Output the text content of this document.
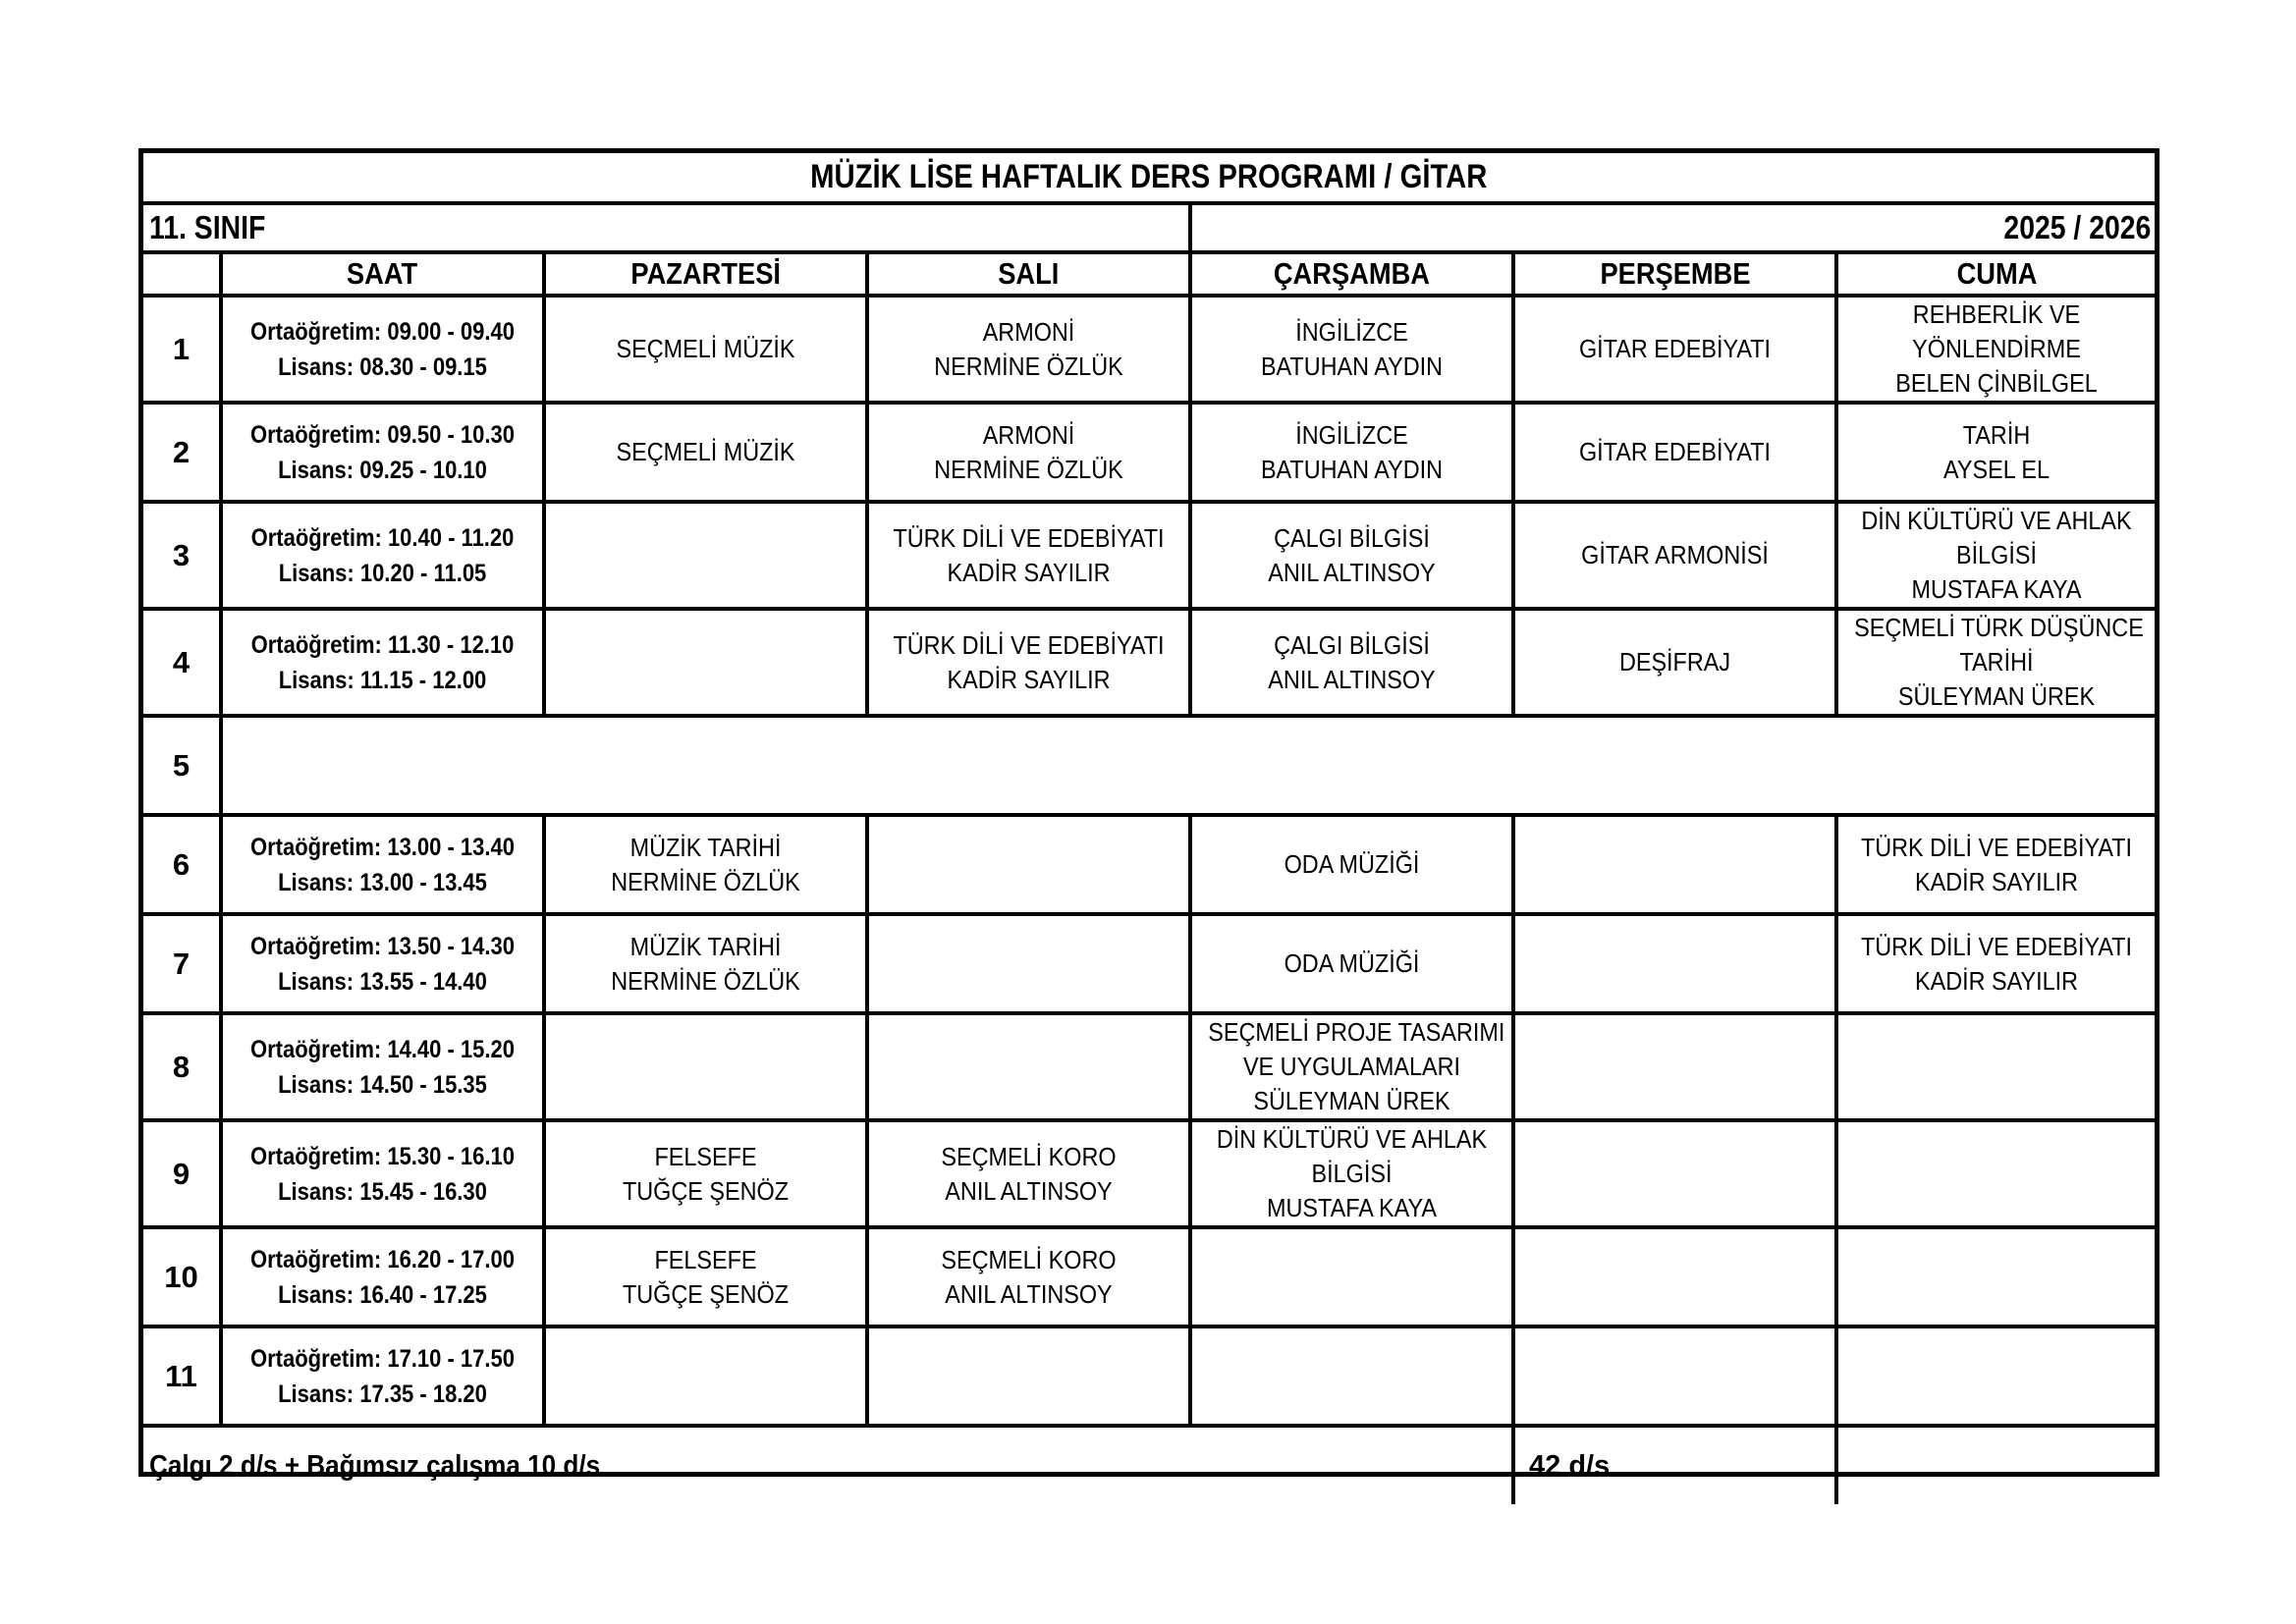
MÜZİK LİSE HAFTALIK DERS PROGRAMI / GİTAR						
11. SINIF				2025 / 2026		
	SAAT	PAZARTESİ	SALI	ÇARŞAMBA	PERŞEMBE	CUMA
1	Ortaöğretim: 09.00 - 09.40
Lisans: 08.30 - 09.15	SEÇMELİ MÜZİK	ARMONİ
NERMİNE ÖZLÜK	İNGİLİZCE
BATUHAN AYDIN	GİTAR EDEBİYATI	REHBERLİK VE
YÖNLENDİRME
BELEN ÇİNBİLGEL

2	Ortaöğretim: 09.50 - 10.30
Lisans: 09.25 - 10.10	SEÇMELİ MÜZİK	ARMONİ
NERMİNE ÖZLÜK	İNGİLİZCE
BATUHAN AYDIN	GİTAR EDEBİYATI	TARİH
AYSEL EL

3	Ortaöğretim: 10.40 - 11.20
Lisans: 10.20 - 11.05		TÜRK DİLİ VE EDEBİYATI
KADİR SAYILIR	ÇALGI BİLGİSİ
ANIL ALTINSOY	GİTAR ARMONİSİ	DİN KÜLTÜRÜ VE AHLAK
BİLGİSİ
MUSTAFA KAYA

4	Ortaöğretim: 11.30 - 12.10
Lisans: 11.15 - 12.00		TÜRK DİLİ VE EDEBİYATI
KADİR SAYILIR	ÇALGI BİLGİSİ
ANIL ALTINSOY	DEŞİFRAJ	SEÇMELİ TÜRK DÜŞÜNCE
TARİHİ
SÜLEYMAN ÜREK

5						
6	Ortaöğretim: 13.00 - 13.40
Lisans: 13.00 - 13.45	MÜZİK TARİHİ
NERMİNE ÖZLÜK		ODA MÜZİĞİ		TÜRK DİLİ VE EDEBİYATI
KADİR SAYILIR

7	Ortaöğretim: 13.50 - 14.30
Lisans: 13.55 - 14.40	MÜZİK TARİHİ
NERMİNE ÖZLÜK		ODA MÜZİĞİ		TÜRK DİLİ VE EDEBİYATI
KADİR SAYILIR

8	Ortaöğretim: 14.40 - 15.20
Lisans: 14.50 - 15.35			SEÇMELİ PROJE TASARIMI
VE UYGULAMALARI
SÜLEYMAN ÜREK		

9	Ortaöğretim: 15.30 - 16.10
Lisans: 15.45 - 16.30	FELSEFE
TUĞÇE ŞENÖZ	SEÇMELİ KORO
ANIL ALTINSOY	DİN KÜLTÜRÜ VE AHLAK
BİLGİSİ
MUSTAFA KAYA		

10	Ortaöğretim: 16.20 - 17.00
Lisans: 16.40 - 17.25	FELSEFE
TUĞÇE ŞENÖZ	SEÇMELİ KORO
ANIL ALTINSOY			

11	Ortaöğretim: 17.10 - 17.50
Lisans: 17.35 - 18.20					

Çalgı 2 d/s + Bağımsız çalışma 10 d/s					42 d/s	
